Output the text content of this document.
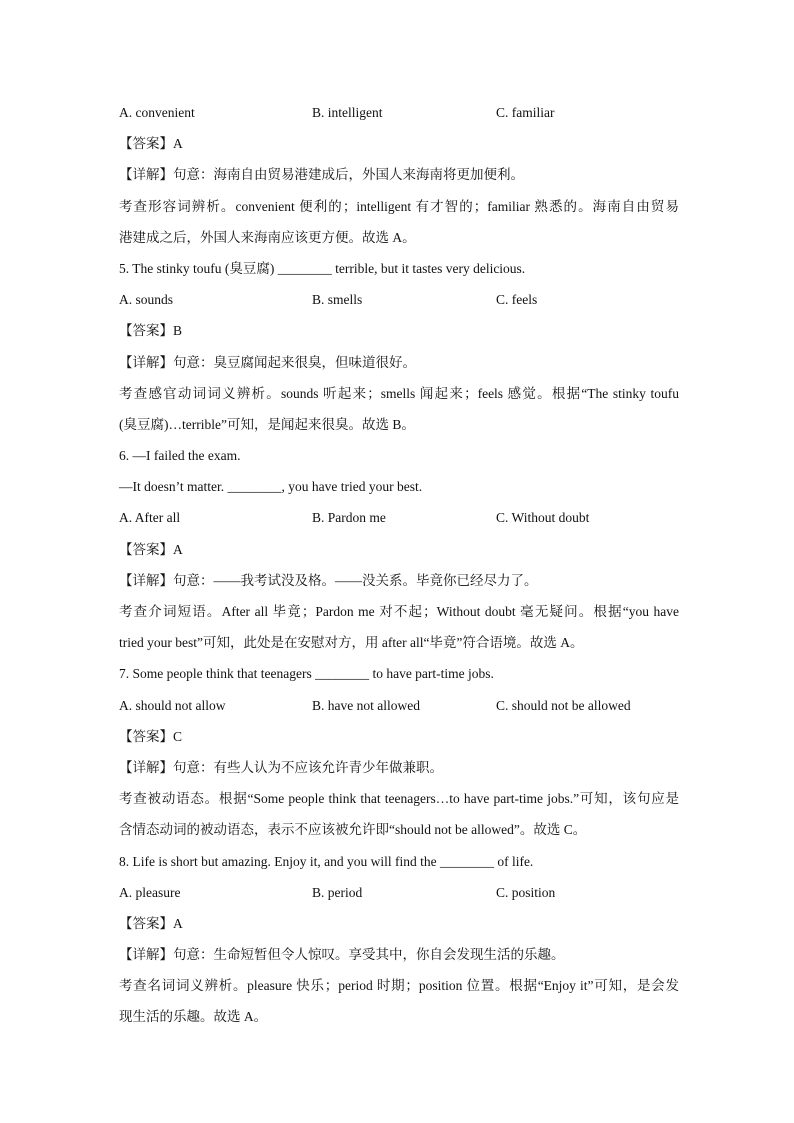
A. convenient	B. intelligent	C. familiar
【答案】A
【详解】句意：海南自由贸易港建成后，外国人来海南将更加便利。
考查形容词辨析。convenient 便利的；intelligent 有才智的；familiar 熟悉的。海南自由贸易
港建成之后，外国人来海南应该更方便。故选 A。
5. The stinky toufu (臭豆腐) ________ terrible, but it tastes very delicious.
A. sounds	B. smells	C. feels
【答案】B
【详解】句意：臭豆腐闻起来很臭，但味道很好。
考查感官动词词义辨析。sounds 听起来；smells 闻起来；feels 感觉。根据“The stinky toufu
(臭豆腐)…terrible”可知，是闻起来很臭。故选 B。
6. —I failed the exam.
—It doesn’t matter. ________, you have tried your best.
A. After all	B. Pardon me	C. Without doubt
【答案】A
【详解】句意：——我考试没及格。——没关系。毕竟你已经尽力了。
考查介词短语。After all 毕竟；Pardon me 对不起；Without doubt 毫无疑问。根据“you have
tried your best”可知，此处是在安慰对方，用 after all“毕竟”符合语境。故选 A。
7. Some people think that teenagers ________ to have part-time jobs.
A. should not allow	B. have not allowed	C. should not be allowed
【答案】C
【详解】句意：有些人认为不应该允许青少年做兼职。
考查被动语态。根据“Some people think that teenagers…to have part-time jobs.”可知，该句应是
含情态动词的被动语态，表示不应该被允许即“should not be allowed”。故选 C。
8. Life is short but amazing. Enjoy it, and you will find the ________ of life.
A. pleasure	B. period	C. position
【答案】A
【详解】句意：生命短暂但令人惊叹。享受其中，你自会发现生活的乐趣。
考查名词词义辨析。pleasure 快乐；period 时期；position 位置。根据“Enjoy it”可知，是会发
现生活的乐趣。故选 A。
